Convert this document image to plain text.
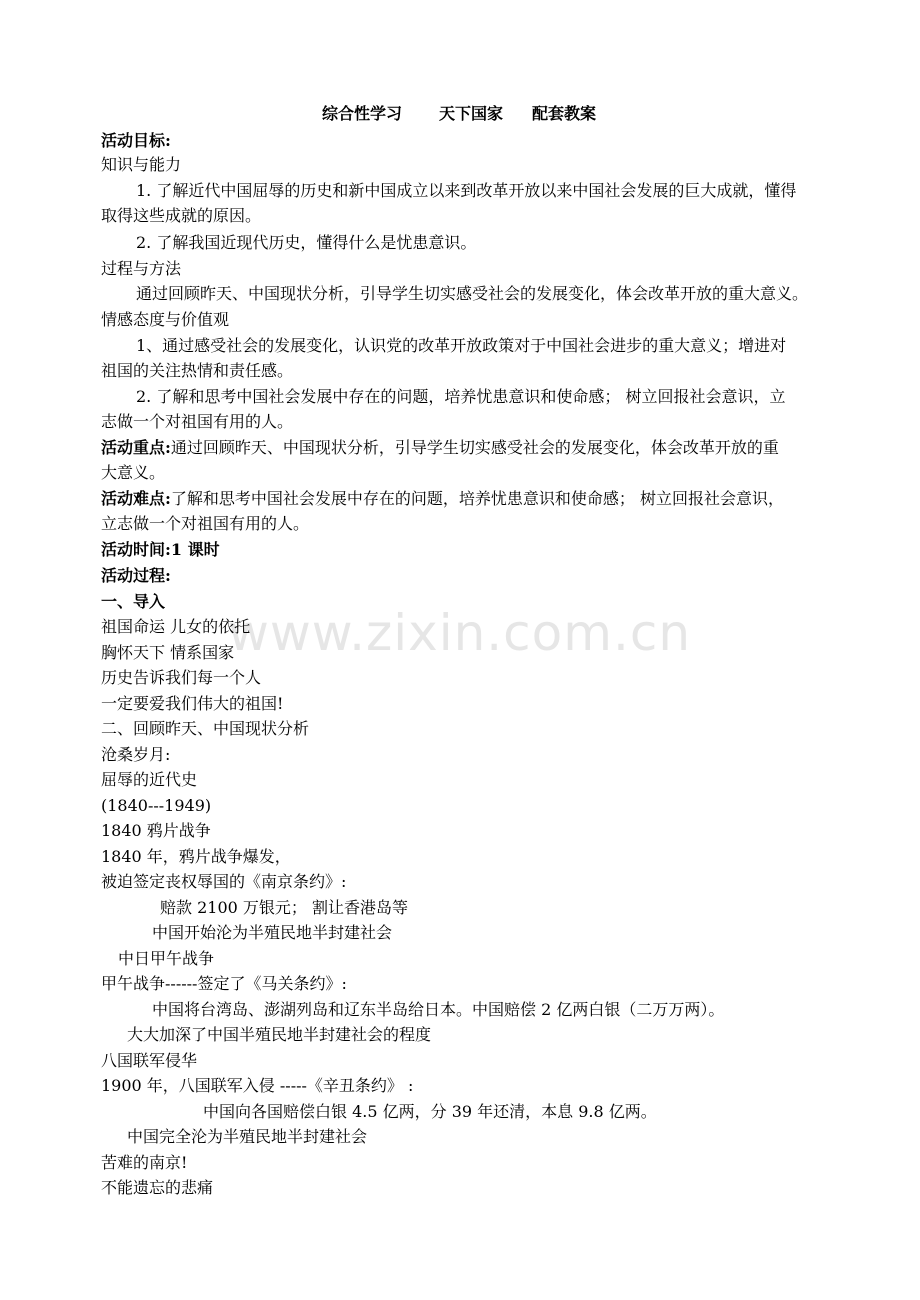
www.zixin.com.cn
综合性学习 天下国家 配套教案
活动目标:
知识与能力
1. 了解近代中国屈辱的历史和新中国成立以来到改革开放以来中国社会发展的巨大成就，懂得
取得这些成就的原因。
2. 了解我国近现代历史，懂得什么是忧患意识。
过程与方法
通过回顾昨天、中国现状分析，引导学生切实感受社会的发展变化，体会改革开放的重大意义。
情感态度与价值观
1、通过感受社会的发展变化，认识党的改革开放政策对于中国社会进步的重大意义；增进对
祖国的关注热情和责任感。
2. 了解和思考中国社会发展中存在的问题，培养忧患意识和使命感； 树立回报社会意识，立
志做一个对祖国有用的人。
活动重点:通过回顾昨天、中国现状分析，引导学生切实感受社会的发展变化，体会改革开放的重
大意义。
活动难点:了解和思考中国社会发展中存在的问题，培养忧患意识和使命感； 树立回报社会意识，
立志做一个对祖国有用的人。
活动时间:1 课时
活动过程:
一、导入
祖国命运 儿女的依托
胸怀天下 情系国家
历史告诉我们每一个人
一定要爱我们伟大的祖国!
二、回顾昨天、中国现状分析
沧桑岁月:
屈辱的近代史
(1840---1949)
1840 鸦片战争
1840 年，鸦片战争爆发，
被迫签定丧权辱国的《南京条约》:
赔款 2100 万银元； 割让香港岛等
中国开始沦为半殖民地半封建社会
中日甲午战争
甲午战争------签定了《马关条约》:
中国将台湾岛、澎湖列岛和辽东半岛给日本。中国赔偿 2 亿两白银（二万万两）。
大大加深了中国半殖民地半封建社会的程度
八国联军侵华
1900 年，八国联军入侵 -----《辛丑条约》 :
中国向各国赔偿白银 4.5 亿两，分 39 年还清，本息 9.8 亿两。
中国完全沦为半殖民地半封建社会
苦难的南京!
不能遗忘的悲痛
